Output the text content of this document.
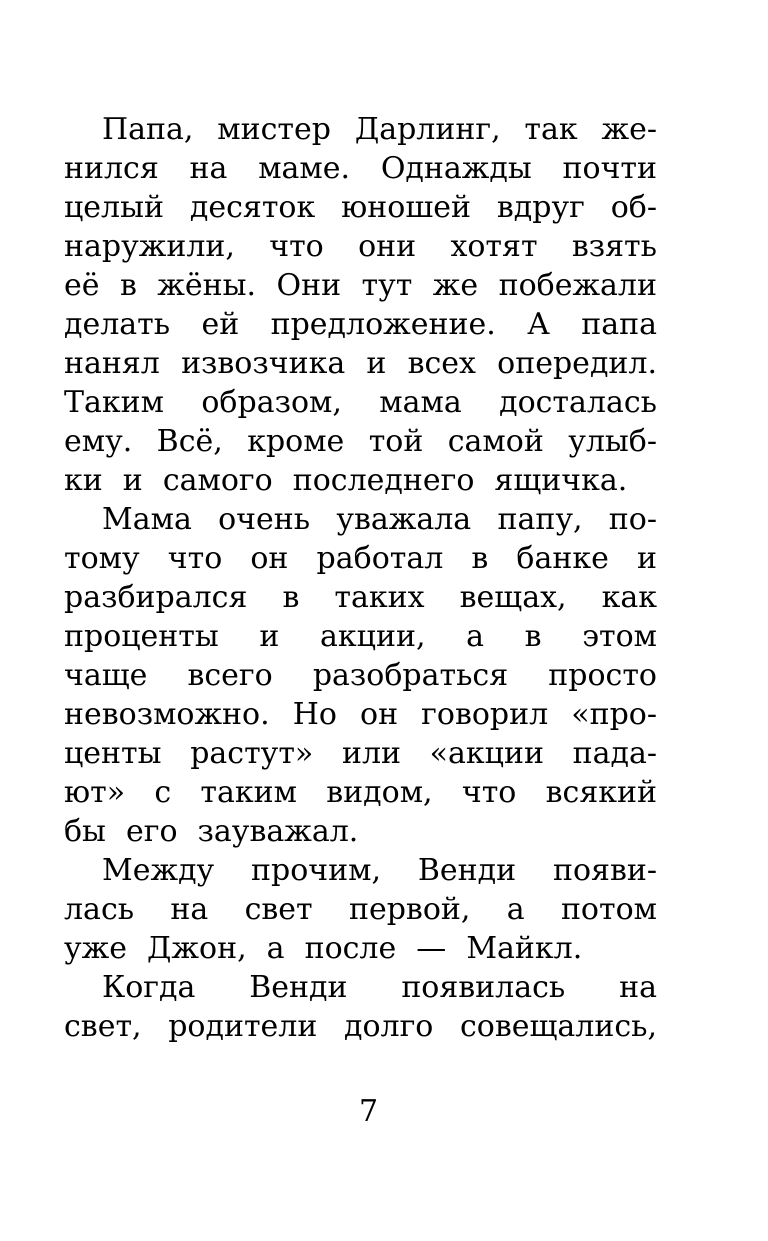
Папа, мистер Дарлинг, так же-
нился на маме. Однажды почти
целый десяток юношей вдруг об-
наружили, что они хотят взять
её в жёны. Они тут же побежали
делать ей предложение. А папа
нанял извозчика и всех опередил.
Таким образом, мама досталась
ему. Всё, кроме той самой улыб-
ки и самого последнего ящичка.
Мама очень уважала папу, по-
тому что он работал в банке и
разбирался в таких вещах, как
проценты и акции, а в этом
чаще всего разобраться просто
невозможно. Но он говорил «про-
центы растут» или «акции пада-
ют» с таким видом, что всякий
бы его зауважал.
Между прочим, Венди появи-
лась на свет первой, а потом
уже Джон, а после — Майкл.
Когда Венди появилась на
свет, родители долго совещались,
7
